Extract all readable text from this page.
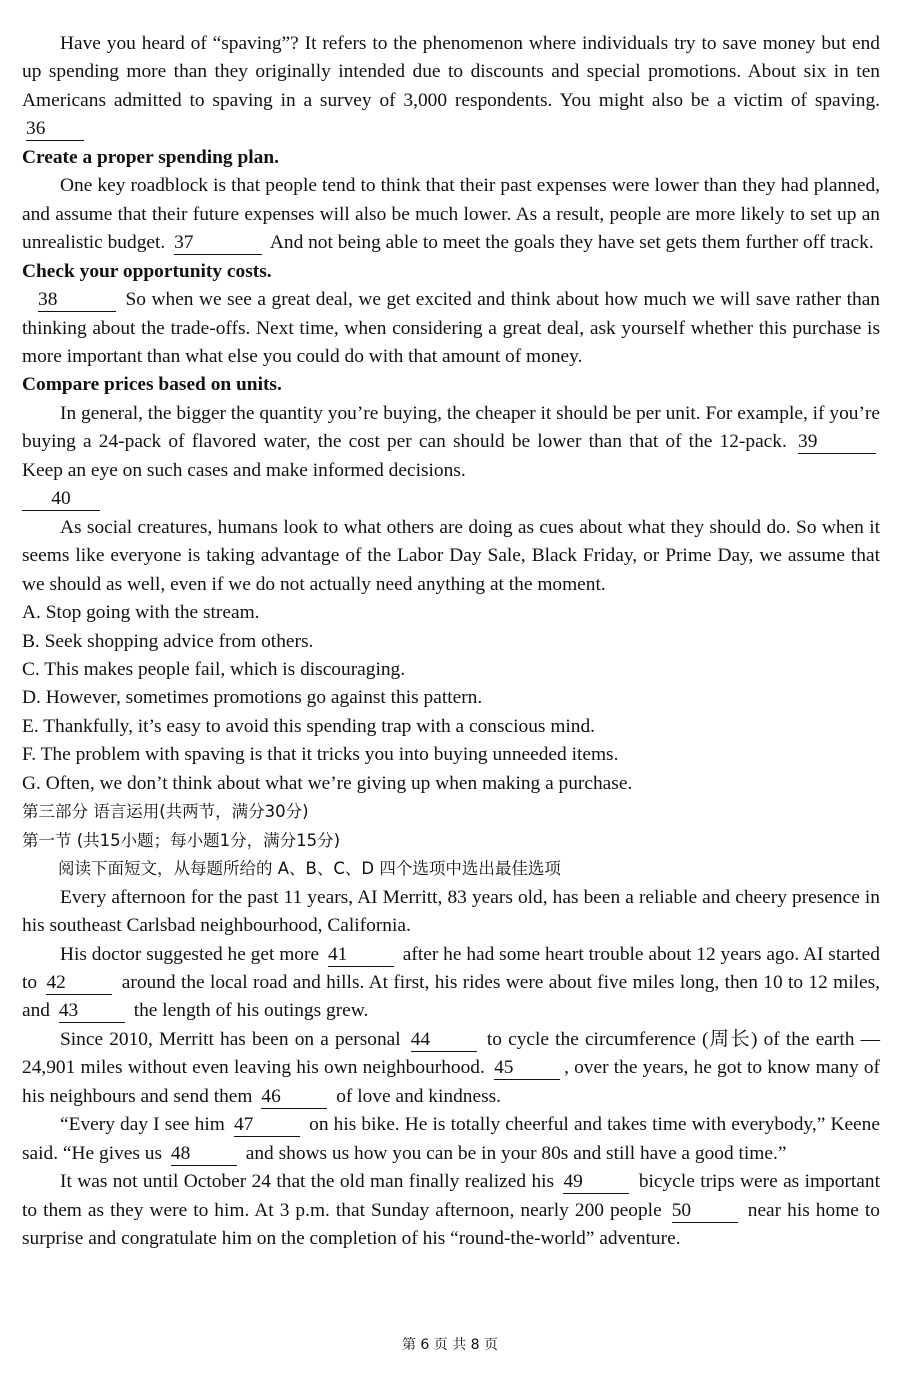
Have you heard of “spaving”? It refers to the phenomenon where individuals try to save money but end up spending more than they originally intended due to discounts and special promotions. About six in ten Americans admitted to spaving in a survey of 3,000 respondents. You might also be a victim of spaving. 36

Create a proper spending plan.

One key roadblock is that people tend to think that their past expenses were lower than they had planned, and assume that their future expenses will also be much lower. As a result, people are more likely to set up an unrealistic budget. 37	And not being able to meet the goals they have set gets them further off track.

Check your opportunity costs.

38	So when we see a great deal, we get excited and think about how much we will save rather than thinking about the trade-offs. Next time, when considering a great deal, ask yourself whether this purchase is more important than what else you could do with that amount of money.

Compare prices based on units.

In general, the bigger the quantity you’re buying, the cheaper it should be per unit. For example, if you’re buying a 24-pack of flavored water, the cost per can should be lower than that of the 12-pack. 39 Keep an eye on such cases and make informed decisions.

40

As social creatures, humans look to what others are doing as cues about what they should do. So when it seems like everyone is taking advantage of the Labor Day Sale, Black Friday, or Prime Day, we assume that we should as well, even if we do not actually need anything at the moment.

A. Stop going with the stream.

B. Seek shopping advice from others.

C. This makes people fail, which is discouraging.

D. However, sometimes promotions go against this pattern.

E. Thankfully, it’s easy to avoid this spending trap with a conscious mind.

F. The problem with spaving is that it tricks you into buying unneeded items.

G. Often, we don’t think about what we’re giving up when making a purchase.

第三部分 语言运用(共两节，满分30分)

第一节 (共15小题；每小题1分，满分15分)

阅读下面短文，从每题所给的 A、B、C、D 四个选项中选出最佳选项

Every afternoon for the past 11 years, AI Merritt, 83 years old, has been a reliable and cheery presence in his southeast Carlsbad neighbourhood, California.

His doctor suggested he get more 41	after he had some heart trouble about 12 years ago. AI started to 42	around the local road and hills. At first, his rides were about five miles long, then 10 to 12 miles, and 43	the length of his outings grew.

Since 2010, Merritt has been on a personal 44	to cycle the circumference (周长) of the earth — 24,901 miles without even leaving his own neighbourhood. 45	, over the years, he got to know many of his neighbours and send them 46	of love and kindness.

“Every day I see him 47	on his bike. He is totally cheerful and takes time with everybody,” Keene said. “He gives us 48	and shows us how you can be in your 80s and still have a good time.”

It was not until October 24 that the old man finally realized his 49	bicycle trips were as important to them as they were to him. At 3 p.m. that Sunday afternoon, nearly 200 people 50	near his home to surprise and congratulate him on the completion of his “round-the-world” adventure.

第 6 页 共 8 页
